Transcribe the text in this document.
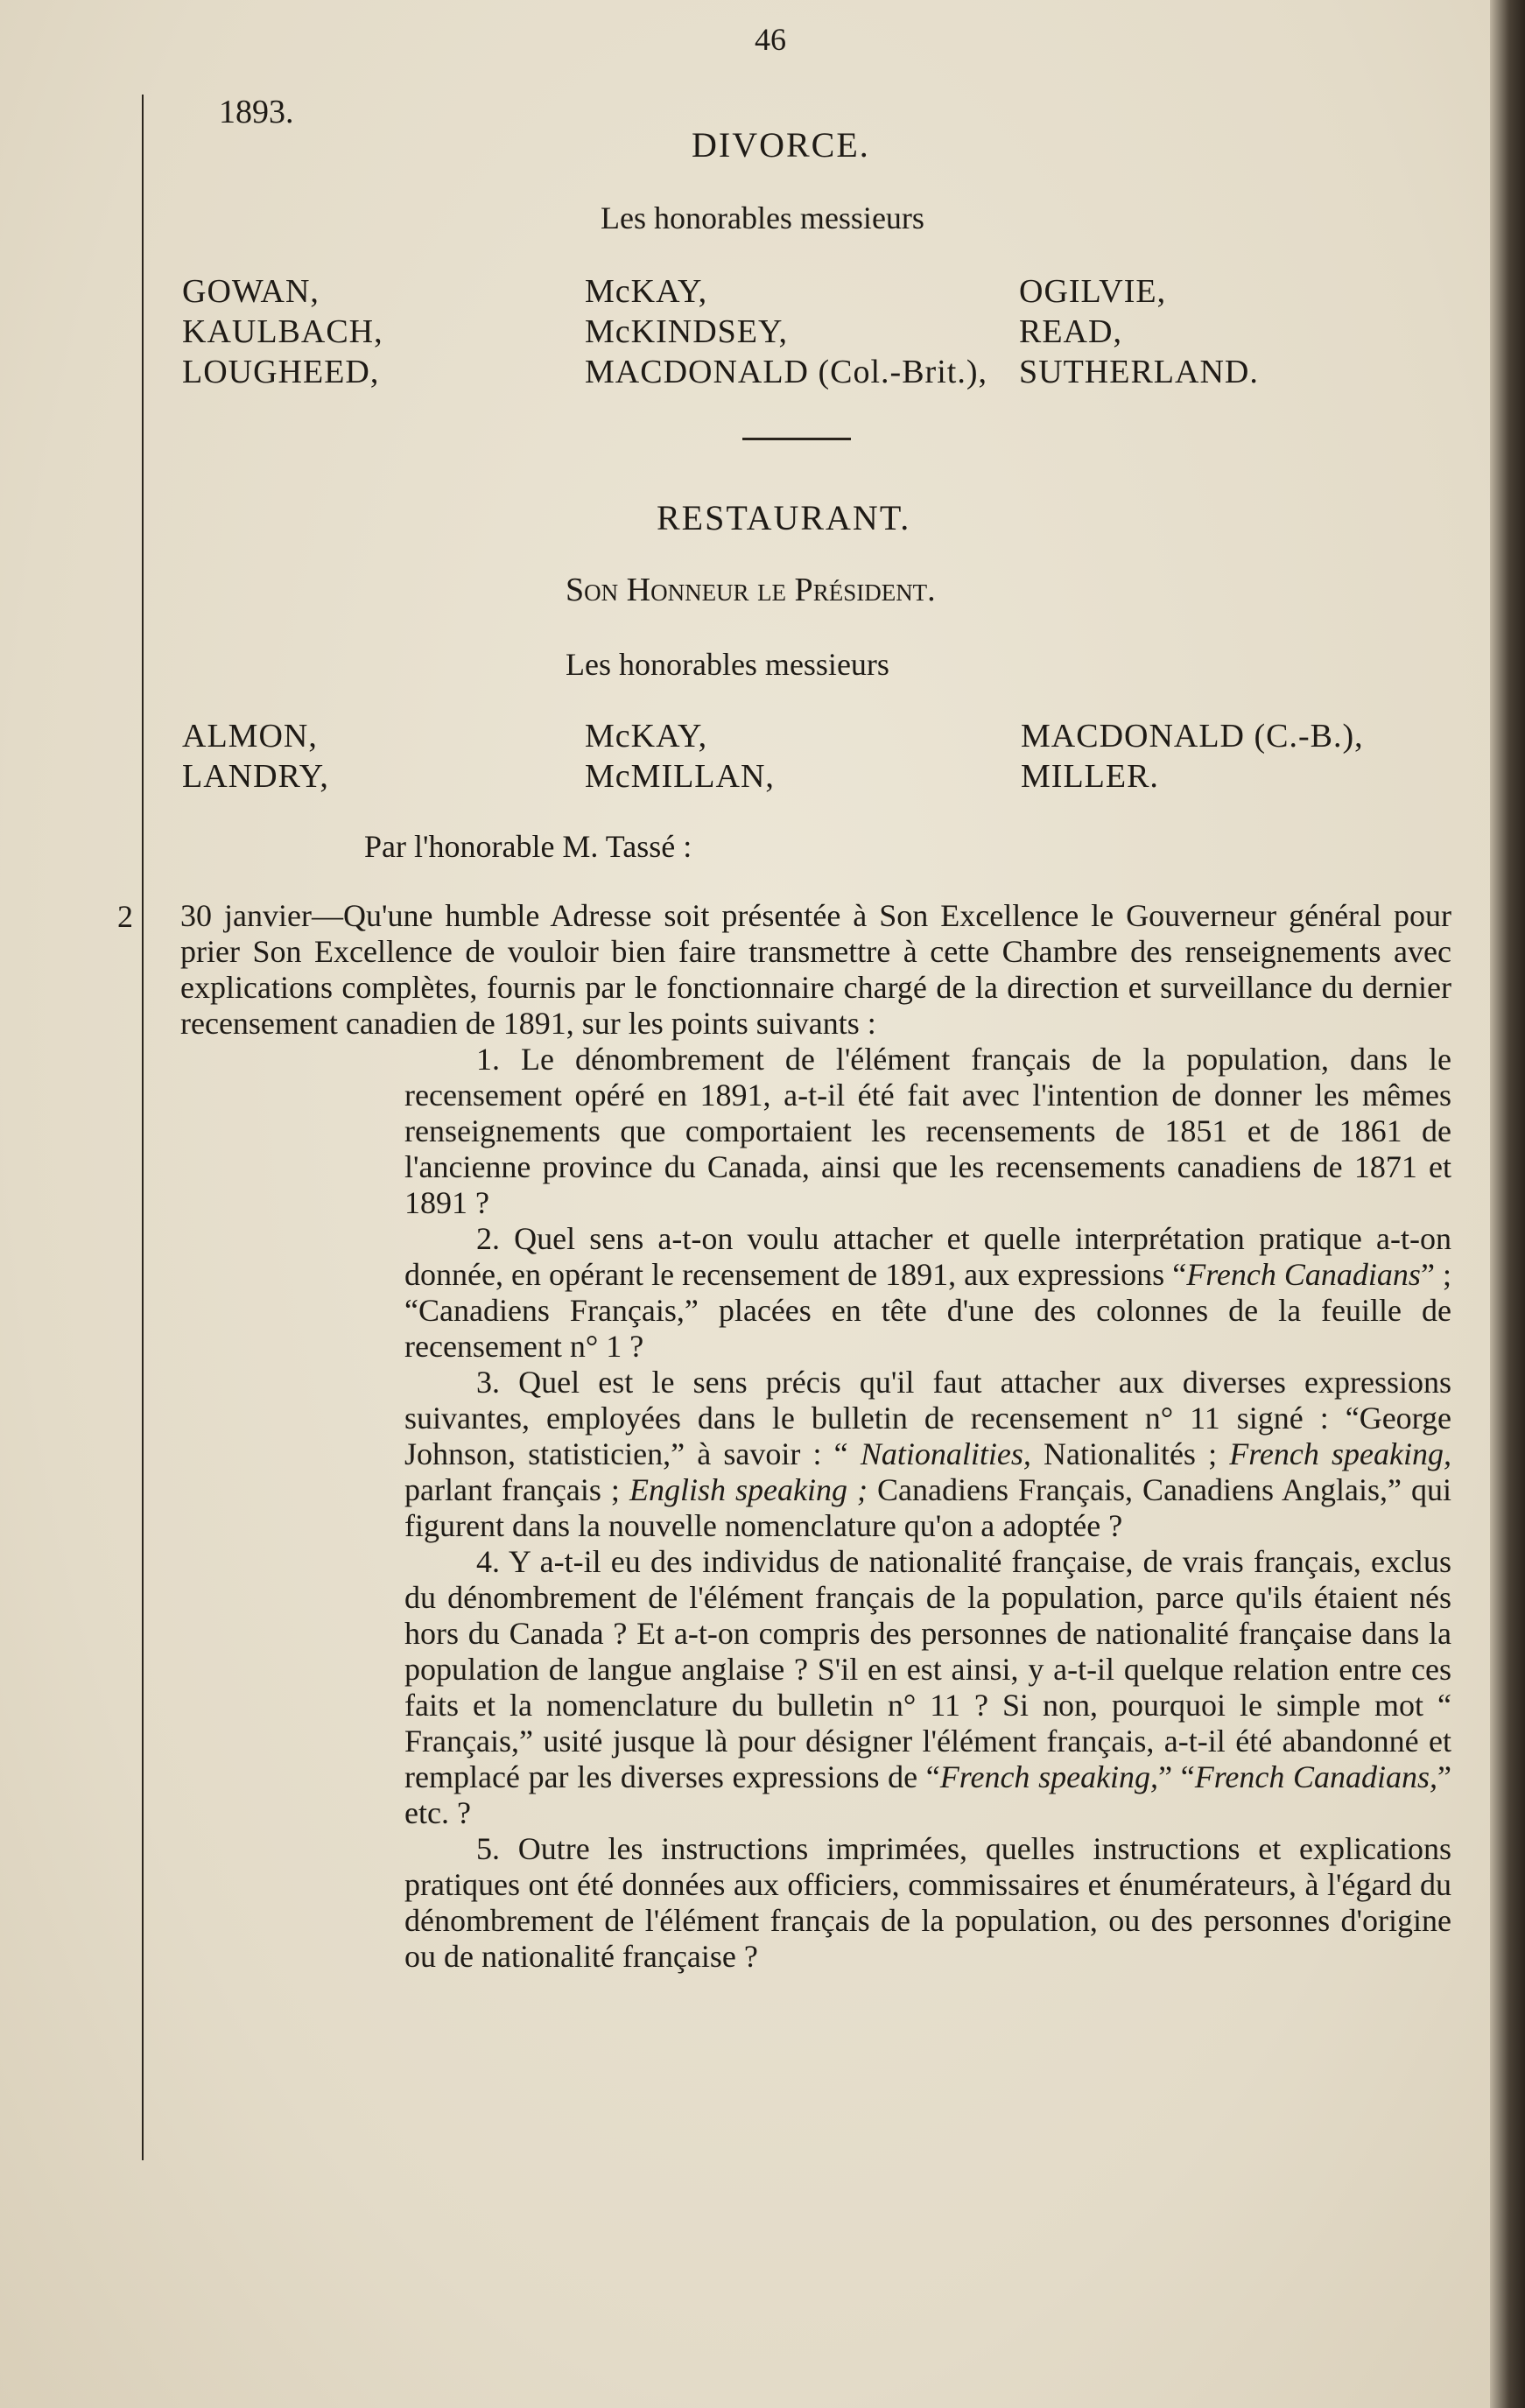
46
1893.
DIVORCE.
Les honorables messieurs
GOWAN,
KAULBACH,
LOUGHEED,
McKAY,
McKINDSEY,
MACDONALD (Col.-Brit.),
OGILVIE,
READ,
SUTHERLAND.
RESTAURANT.
Son Honneur le Président.
Les honorables messieurs
ALMON,
LANDRY,
McKAY,
McMILLAN,
MACDONALD (C.-B.),
MILLER.
Par l'honorable M. Tassé :
2 30 janvier—Qu'une humble Adresse soit présentée à Son Excellence le Gouverneur général pour prier Son Excellence de vouloir bien faire transmettre à cette Chambre des renseignements avec explications complètes, fournis par le fonctionnaire chargé de la direction et surveillance du dernier recensement canadien de 1891, sur les points suivants :

1. Le dénombrement de l'élément français de la population, dans le recensement opéré en 1891, a-t-il été fait avec l'intention de donner les mêmes renseignements que comportaient les recensements de 1851 et de 1861 de l'ancienne province du Canada, ainsi que les recensements canadiens de 1871 et 1891 ?

2. Quel sens a-t-on voulu attacher et quelle interprétation pratique a-t-on donnée, en opérant le recensement de 1891, aux expressions “French Canadians” ; “Canadiens Français,” placées en tête d'une des colonnes de la feuille de recensement n° 1 ?

3. Quel est le sens précis qu'il faut attacher aux diverses expressions suivantes, employées dans le bulletin de recensement n° 11 signé : “George Johnson, statisticien,” à savoir : “ Nationalities, Nationalités ; French speaking, parlant français ; English speaking ; Canadiens Français, Canadiens Anglais,” qui figurent dans la nouvelle nomenclature qu'on a adoptée ?

4. Y a-t-il eu des individus de nationalité française, de vrais français, exclus du dénombrement de l'élément français de la population, parce qu'ils étaient nés hors du Canada ? Et a-t-on compris des personnes de nationalité française dans la population de langue anglaise ? S'il en est ainsi, y a-t-il quelque relation entre ces faits et la nomenclature du bulletin n° 11 ? Si non, pourquoi le simple mot “ Français,” usité jusque là pour désigner l'élément français, a-t-il été abandonné et remplacé par les diverses expressions de “French speaking,” “French Canadians,” etc. ?

5. Outre les instructions imprimées, quelles instructions et explications pratiques ont été données aux officiers, commissaires et énumérateurs, à l'égard du dénombrement de l'élément français de la population, ou des personnes d'origine ou de nationalité française ?
